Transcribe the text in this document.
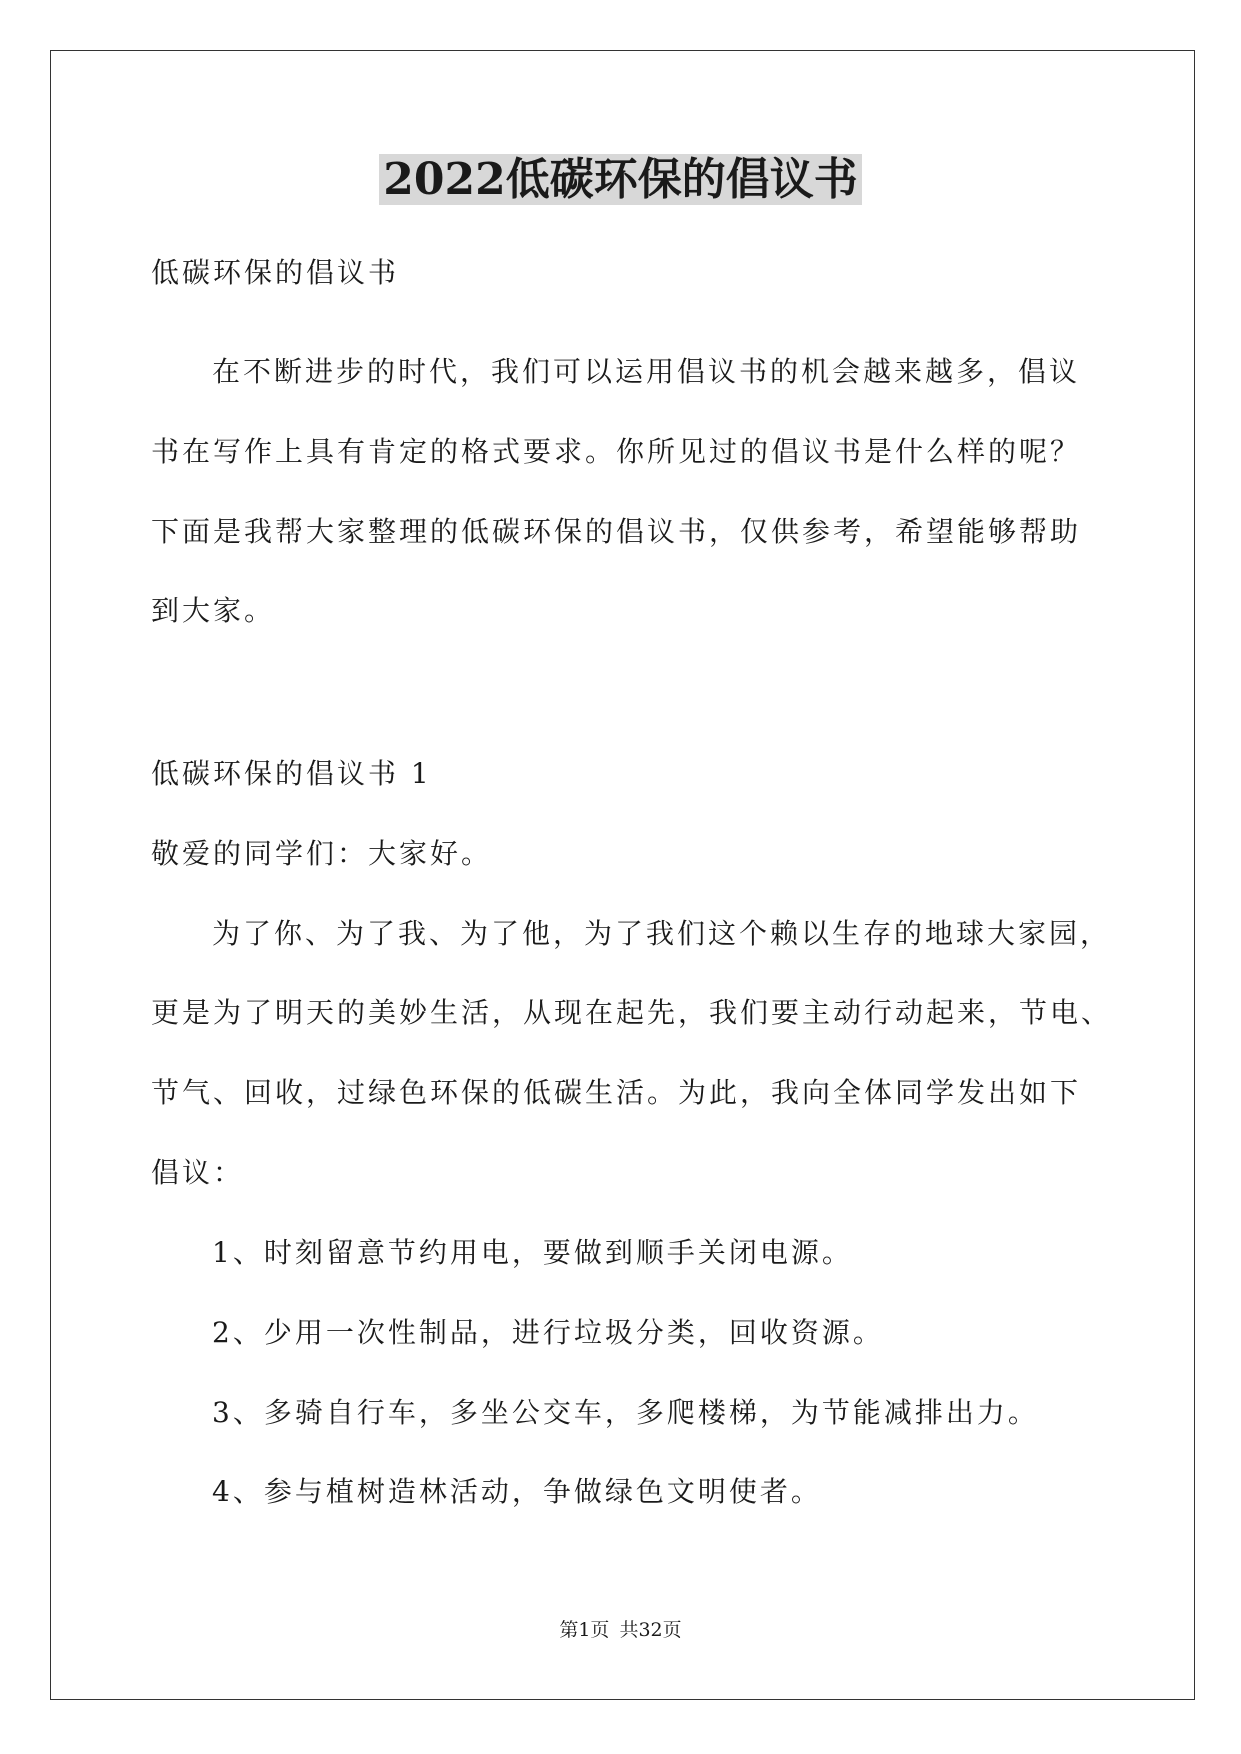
2022低碳环保的倡议书
低碳环保的倡议书
在不断进步的时代，我们可以运用倡议书的机会越来越多，倡议
书在写作上具有肯定的格式要求。你所见过的倡议书是什么样的呢？
下面是我帮大家整理的低碳环保的倡议书，仅供参考，希望能够帮助
到大家。
低碳环保的倡议书 1
敬爱的同学们：大家好。
为了你、为了我、为了他，为了我们这个赖以生存的地球大家园，
更是为了明天的美妙生活，从现在起先，我们要主动行动起来，节电、
节气、回收，过绿色环保的低碳生活。为此，我向全体同学发出如下
倡议：
1、时刻留意节约用电，要做到顺手关闭电源。
2、少用一次性制品，进行垃圾分类，回收资源。
3、多骑自行车，多坐公交车，多爬楼梯，为节能减排出力。
4、参与植树造林活动，争做绿色文明使者。
第1页 共32页
